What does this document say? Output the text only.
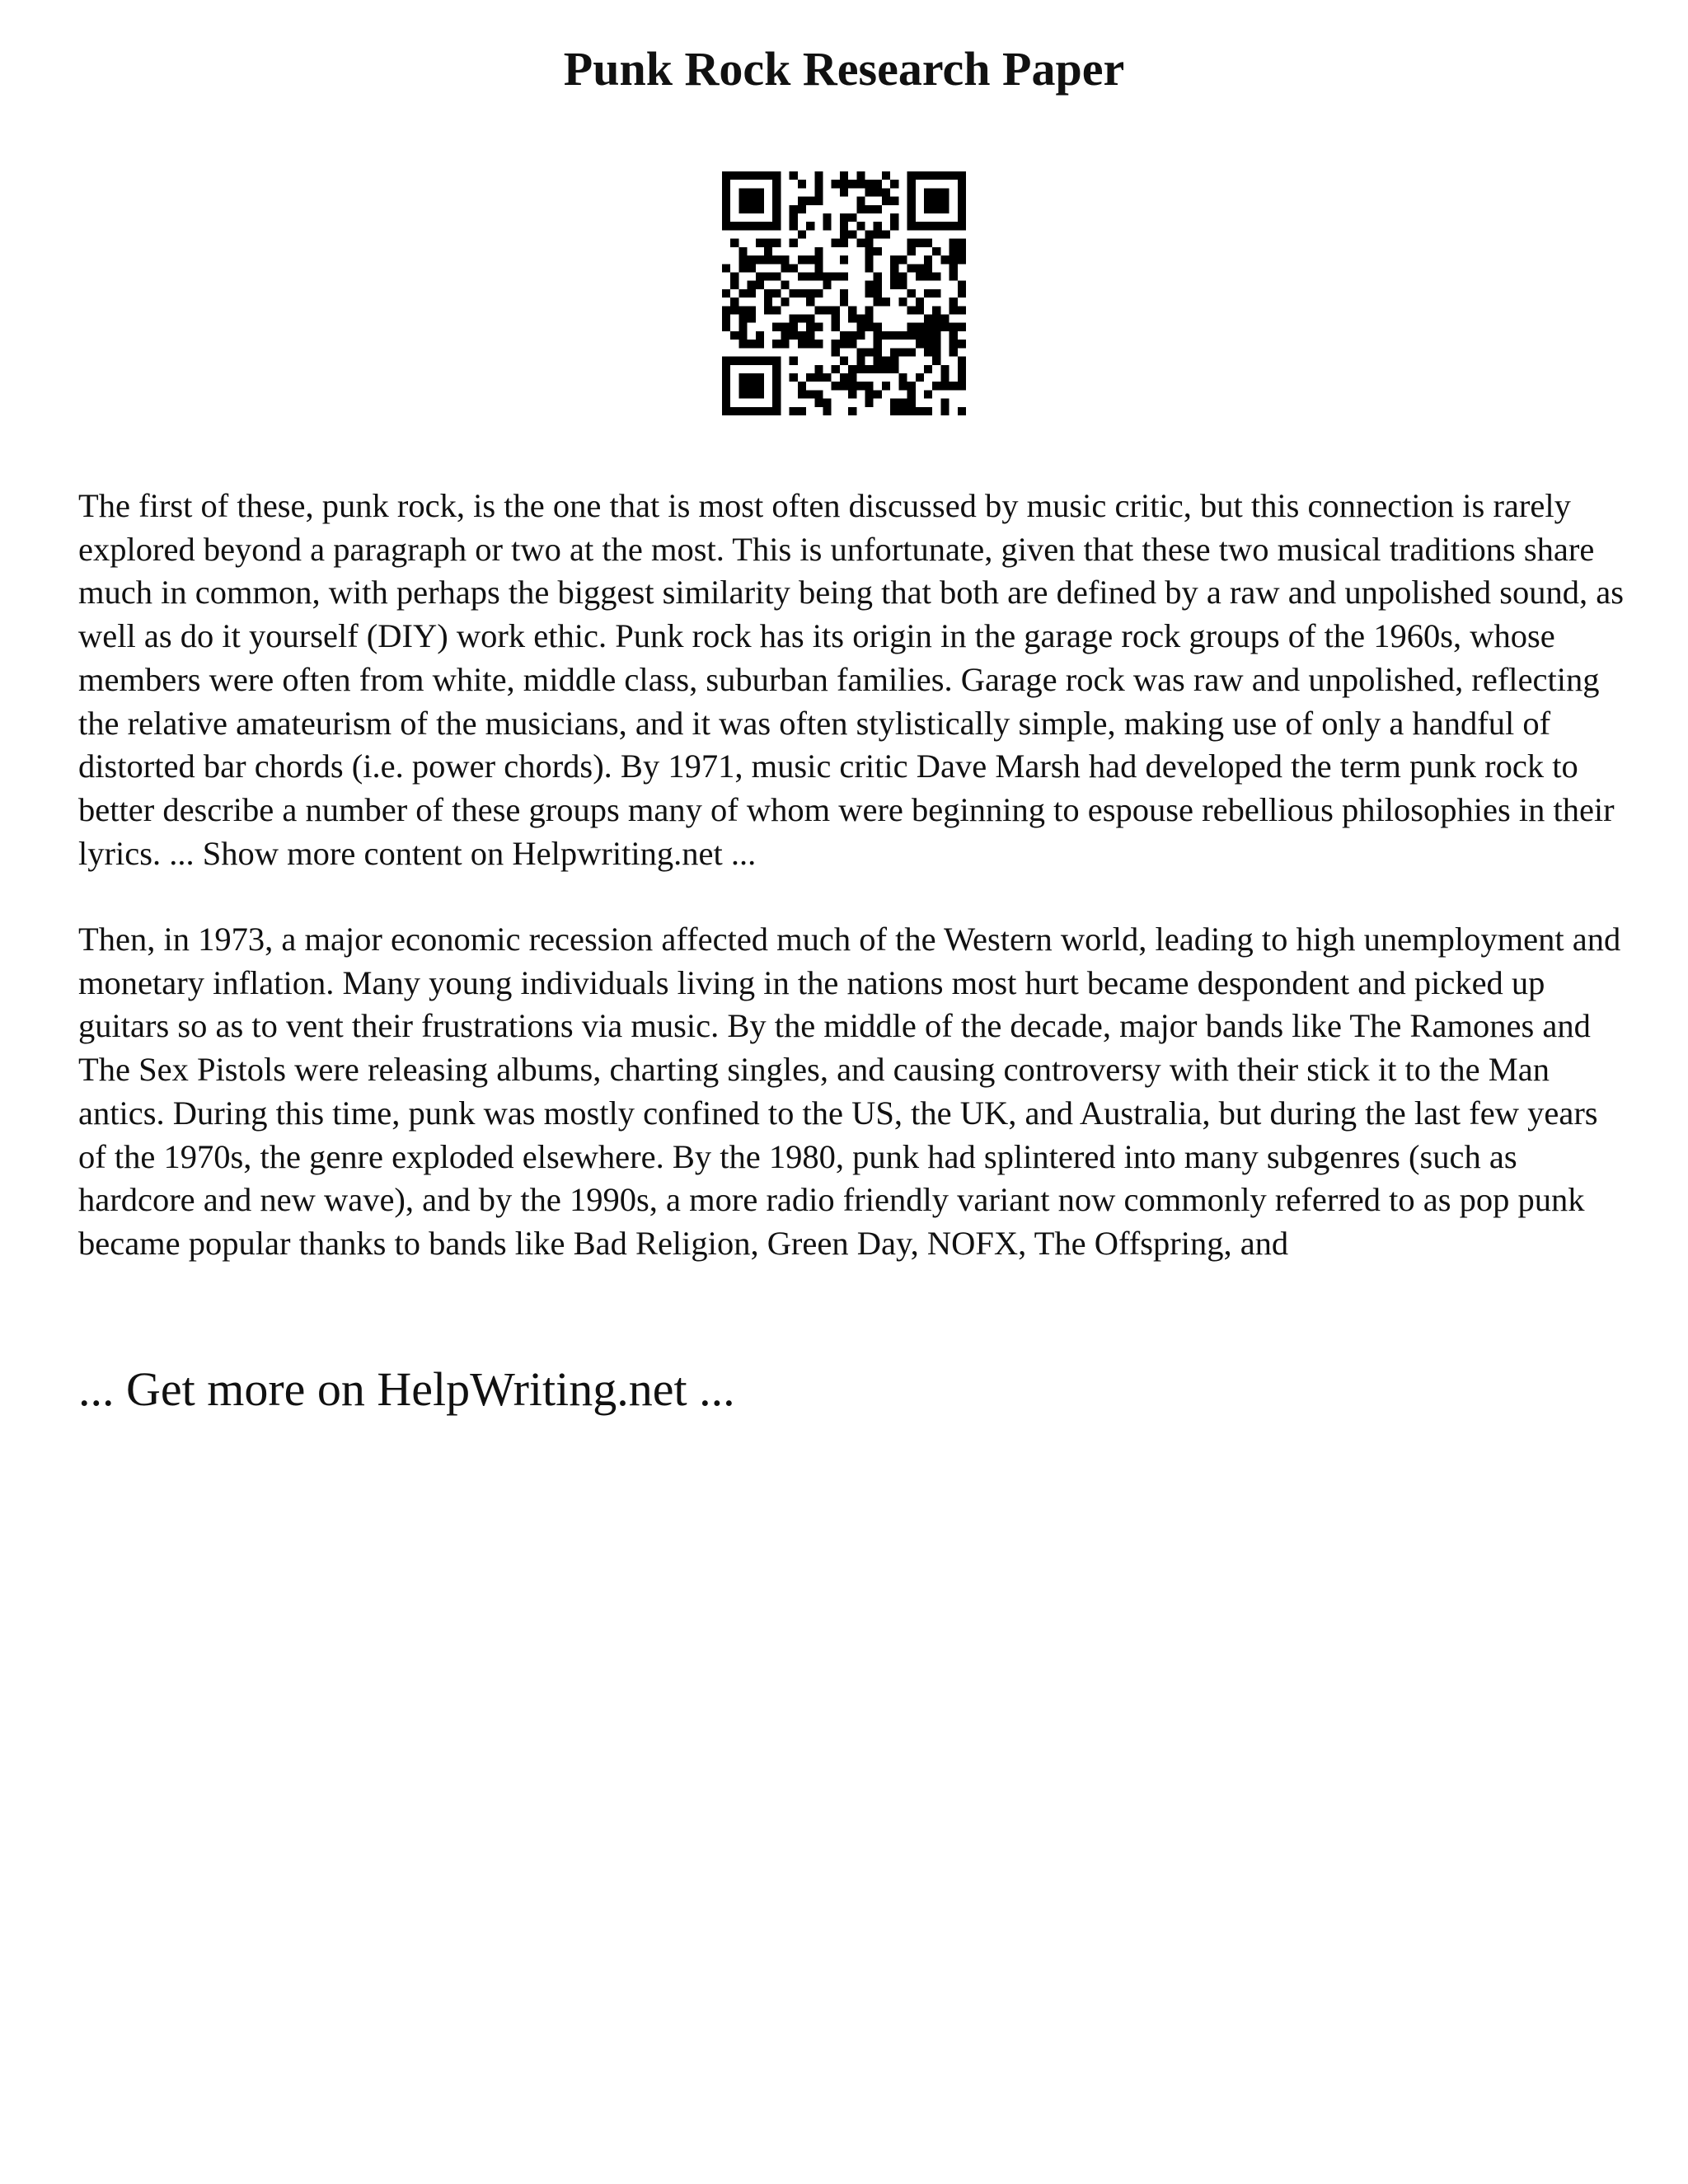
Punk Rock Research Paper

The first of these, punk rock, is the one that is most often discussed by music critic, but this connection is rarely explored beyond a paragraph or two at the most. This is unfortunate, given that these two musical traditions share much in common, with perhaps the biggest similarity being that both are defined by a raw and unpolished sound, as well as do it yourself (DIY) work ethic. Punk rock has its origin in the garage rock groups of the 1960s, whose members were often from white, middle class, suburban families. Garage rock was raw and unpolished, reflecting the relative amateurism of the musicians, and it was often stylistically simple, making use of only a handful of distorted bar chords (i.e. power chords). By 1971, music critic Dave Marsh had developed the term punk rock to better describe a number of these groups many of whom were beginning to espouse rebellious philosophies in their lyrics. ... Show more content on Helpwriting.net ...

Then, in 1973, a major economic recession affected much of the Western world, leading to high unemployment and monetary inflation. Many young individuals living in the nations most hurt became despondent and picked up guitars so as to vent their frustrations via music. By the middle of the decade, major bands like The Ramones and The Sex Pistols were releasing albums, charting singles, and causing controversy with their stick it to the Man antics. During this time, punk was mostly confined to the US, the UK, and Australia, but during the last few years of the 1970s, the genre exploded elsewhere. By the 1980, punk had splintered into many subgenres (such as hardcore and new wave), and by the 1990s, a more radio friendly variant now commonly referred to as pop punk became popular thanks to bands like Bad Religion, Green Day, NOFX, The Offspring, and

... Get more on HelpWriting.net ...
